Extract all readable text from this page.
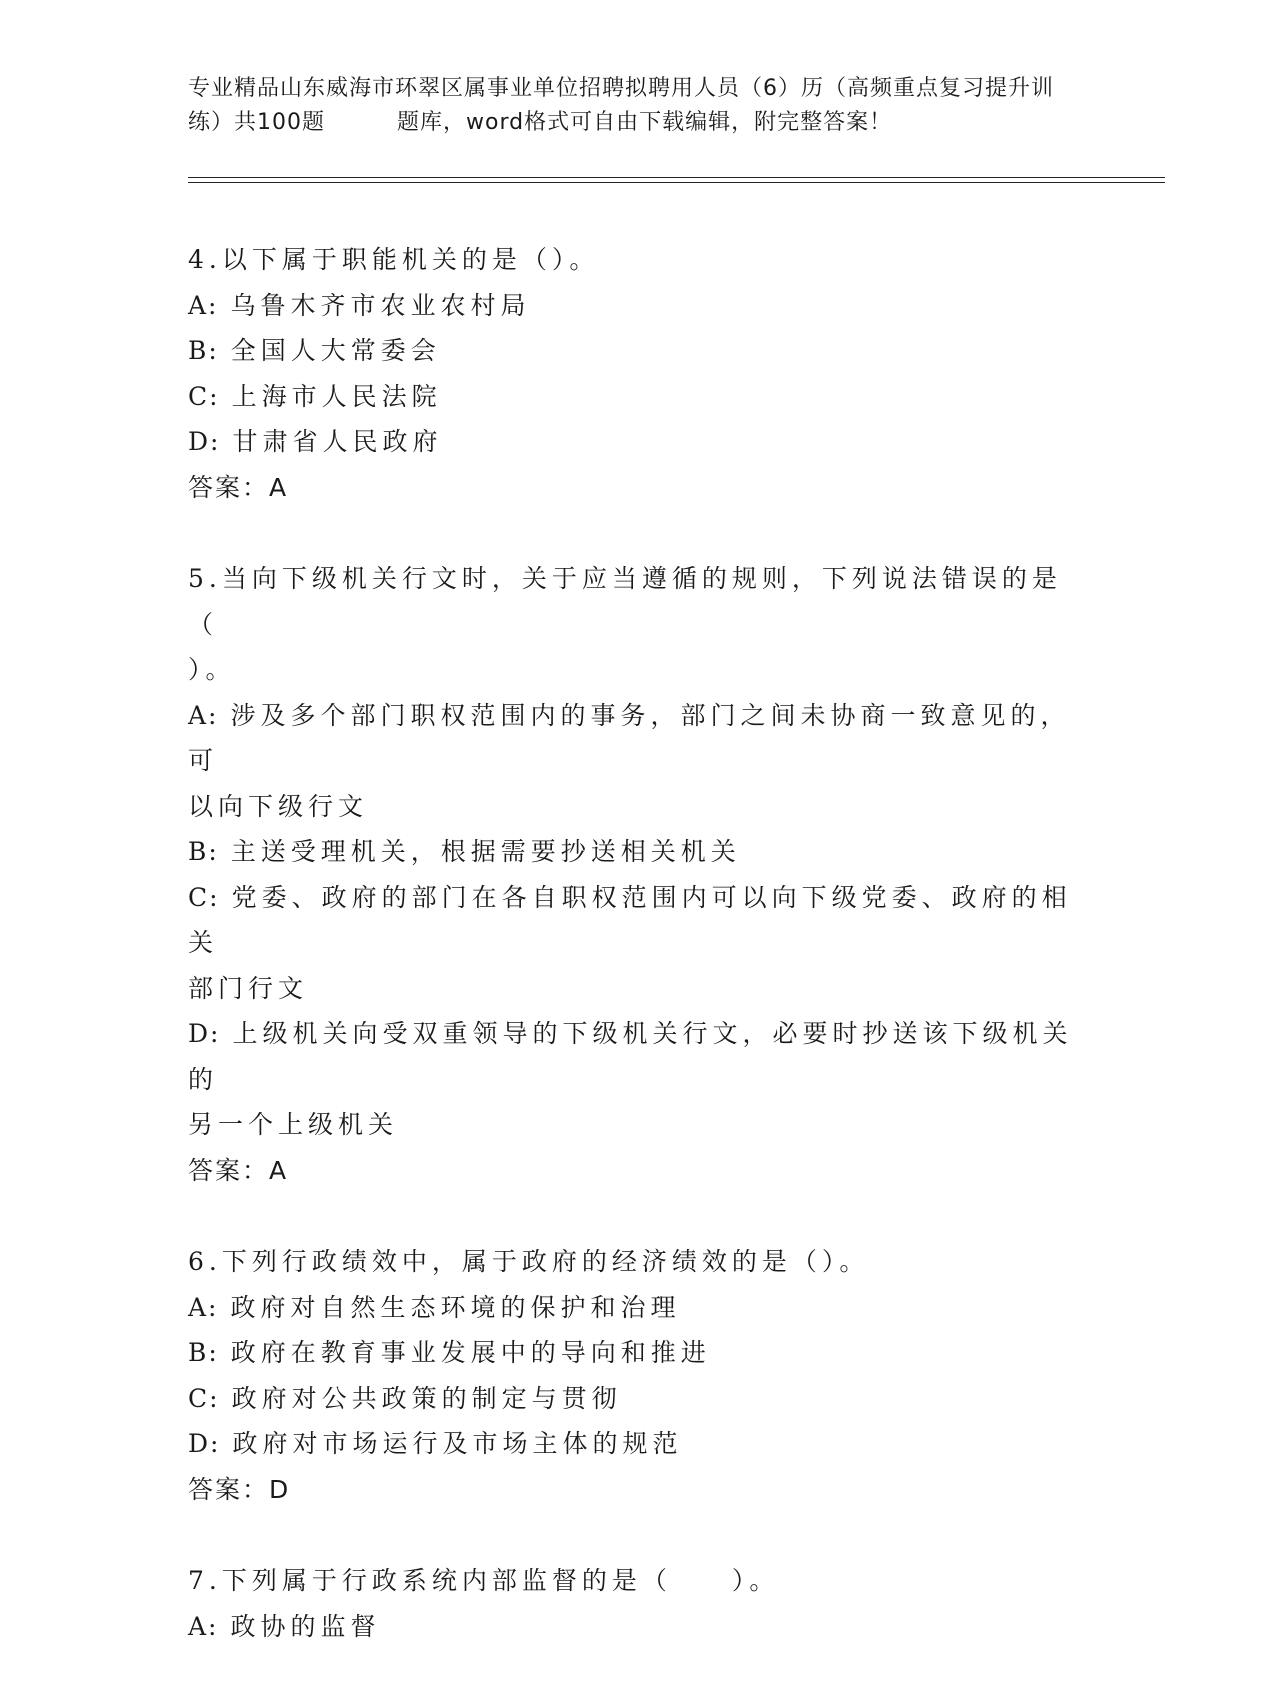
专业精品山东威海市环翠区属事业单位招聘拟聘用人员（6）历（高频重点复习提升训练）共100题	题库，word格式可自由下载编辑，附完整答案！
4.以下属于职能机关的是（）。
A: 乌鲁木齐市农业农村局
B: 全国人大常委会
C: 上海市人民法院
D: 甘肃省人民政府
答案：A
5.当向下级机关行文时，关于应当遵循的规则，下列说法错误的是（
）。
A: 涉及多个部门职权范围内的事务，部门之间未协商一致意见的，可
以向下级行文
B: 主送受理机关，根据需要抄送相关机关
C: 党委、政府的部门在各自职权范围内可以向下级党委、政府的相关
部门行文
D: 上级机关向受双重领导的下级机关行文，必要时抄送该下级机关的
另一个上级机关
答案：A
6.下列行政绩效中，属于政府的经济绩效的是（）。
A: 政府对自然生态环境的保护和治理
B: 政府在教育事业发展中的导向和推进
C: 政府对公共政策的制定与贯彻
D: 政府对市场运行及市场主体的规范
答案：D
7.下列属于行政系统内部监督的是（　　）。
A: 政协的监督
